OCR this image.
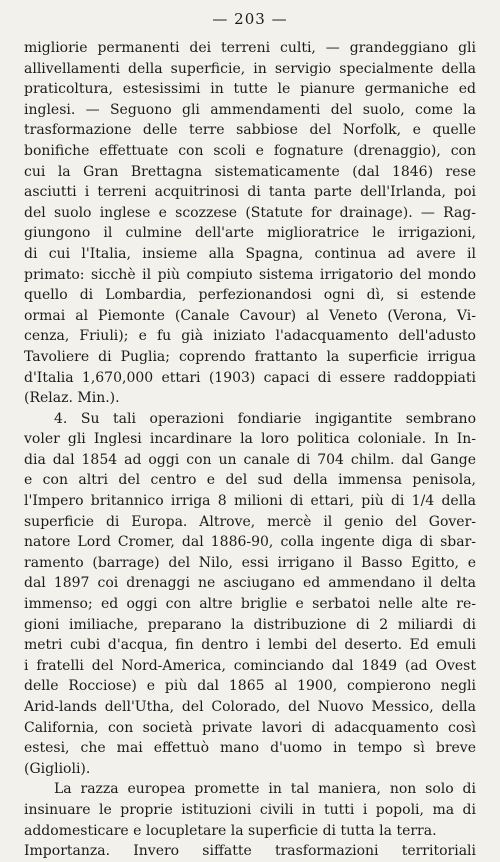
— 203 —
migliorie permanenti dei terreni culti, — grandeggiano gli
allivellamenti della superficie, in servigio specialmente della
praticoltura, estesissimi in tutte le pianure germaniche ed
inglesi. — Seguono gli ammendamenti del suolo, come la
trasformazione delle terre sabbiose del Norfolk, e quelle
bonifiche effettuate con scoli e fognature (drenaggio), con
cui la Gran Brettagna sistematicamente (dal 1846) rese
asciutti i terreni acquitrinosi di tanta parte dell'Irlanda, poi
del suolo inglese e scozzese (Statute for drainage). — Rag-
giungono il culmine dell'arte miglioratrice le irrigazioni,
di cui l'Italia, insieme alla Spagna, continua ad avere il
primato: sicchè il più compiuto sistema irrigatorio del mondo
quello di Lombardia, perfezionandosi ogni dì, si estende
ormai al Piemonte (Canale Cavour) al Veneto (Verona, Vi-
cenza, Friuli); e fu già iniziato l'adacquamento dell'adusto
Tavoliere di Puglia; coprendo frattanto la superficie irrigua
d'Italia 1,670,000 ettari (1903) capaci di essere raddoppiati
(Relaz. Min.).
4. Su tali operazioni fondiarie ingigantite sembrano
voler gli Inglesi incardinare la loro politica coloniale. In In-
dia dal 1854 ad oggi con un canale di 704 chilm. dal Gange
e con altri del centro e del sud della immensa penisola,
l'Impero britannico irriga 8 milioni di ettari, più di 1/4 della
superficie di Europa. Altrove, mercè il genio del Gover-
natore Lord Cromer, dal 1886-90, colla ingente diga di sbar-
ramento (barrage) del Nilo, essi irrigano il Basso Egitto, e
dal 1897 coi drenaggi ne asciugano ed ammendano il delta
immenso; ed oggi con altre briglie e serbatoi nelle alte re-
gioni imiliache, preparano la distribuzione di 2 miliardi di
metri cubi d'acqua, fin dentro i lembi del deserto. Ed emuli
i fratelli del Nord-America, cominciando dal 1849 (ad Ovest
delle Rocciose) e più dal 1865 al 1900, compierono negli
Arid-lands dell'Utha, del Colorado, del Nuovo Messico, della
California, con società private lavori di adacquamento così
estesi, che mai effettuò mano d'uomo in tempo sì breve
(Giglioli).
La razza europea promette in tal maniera, non solo di
insinuare le proprie istituzioni civili in tutti i popoli, ma di
addomesticare e locupletare la superficie di tutta la terra.
Importanza. Invero siffatte trasformazioni territoriali
